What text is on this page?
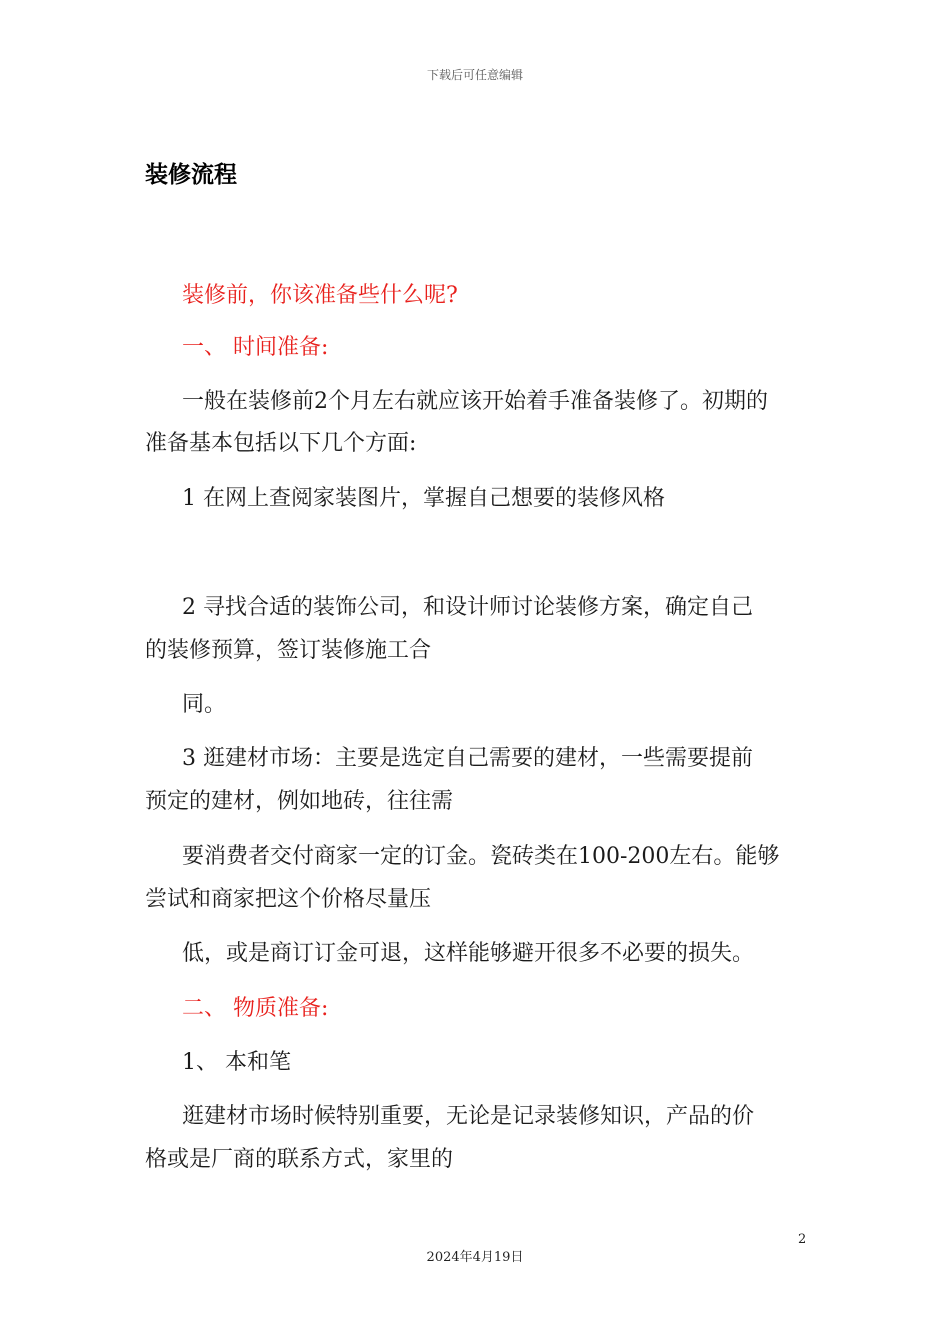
下载后可任意编辑
装修流程
装修前，你该准备些什么呢?
一、 时间准备:
一般在装修前2个月左右就应该开始着手准备装修了。初期的
准备基本包括以下几个方面:
1 在网上查阅家装图片，掌握自己想要的装修风格
2 寻找合适的装饰公司，和设计师讨论装修方案，确定自己
的装修预算，签订装修施工合
同。
3 逛建材市场：主要是选定自己需要的建材，一些需要提前
预定的建材，例如地砖，往往需
要消费者交付商家一定的订金。瓷砖类在100-200左右。能够
尝试和商家把这个价格尽量压
低，或是商订订金可退，这样能够避开很多不必要的损失。
二、 物质准备:
1、 本和笔
逛建材市场时候特别重要，无论是记录装修知识，产品的价
格或是厂商的联系方式，家里的
2
2024年4月19日
